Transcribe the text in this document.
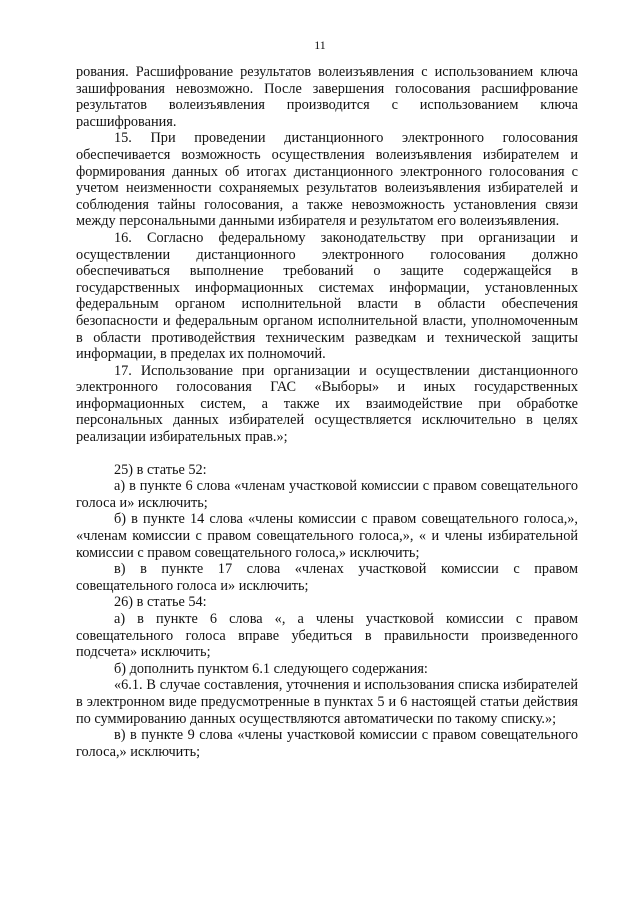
11

рования. Расшифрование результатов волеизъявления с использованием ключа зашифрования невозможно. После завершения голосования расшифрование результатов волеизъявления производится с использованием ключа расшифрования.

15. При проведении дистанционного электронного голосования обеспечивается возможность осуществления волеизъявления избирателем и формирования данных об итогах дистанционного электронного голосования с учетом неизменности сохраняемых результатов волеизъявления избирателей и соблюдения тайны голосования, а также невозможность установления связи между персональными данными избирателя и результатом его волеизъявления.

16. Согласно федеральному законодательству при организации и осуществлении дистанционного электронного голосования должно обеспечиваться выполнение требований о защите содержащейся в государственных информационных системах информации, установленных федеральным органом исполнительной власти в области обеспечения безопасности и федеральным органом исполнительной власти, уполномоченным в области противодействия техническим разведкам и технической защиты информации, в пределах их полномочий.

17. Использование при организации и осуществлении дистанционного электронного голосования ГАС «Выборы» и иных государственных информационных систем, а также их взаимодействие при обработке персональных данных избирателей осуществляется исключительно в целях реализации избирательных прав.»;

25) в статье 52:

а) в пункте 6 слова «членам участковой комиссии с правом совещательного голоса и» исключить;

б) в пункте 14 слова «члены комиссии с правом совещательного голоса,», «членам комиссии с правом совещательного голоса,», « и члены избирательной комиссии с правом совещательного голоса,» исключить;

в) в пункте 17 слова «членах участковой комиссии с правом совещательного голоса и» исключить;

26) в статье 54:

а) в пункте 6 слова «, а члены участковой комиссии с правом совещательного голоса вправе убедиться в правильности произведенного подсчета» исключить;

б) дополнить пунктом 6.1 следующего содержания:

«6.1. В случае составления, уточнения и использования списка избирателей в электронном виде предусмотренные в пунктах 5 и 6 настоящей статьи действия по суммированию данных осуществляются автоматически по такому списку.»;

в) в пункте 9 слова «члены участковой комиссии с правом совещательного голоса,» исключить;
